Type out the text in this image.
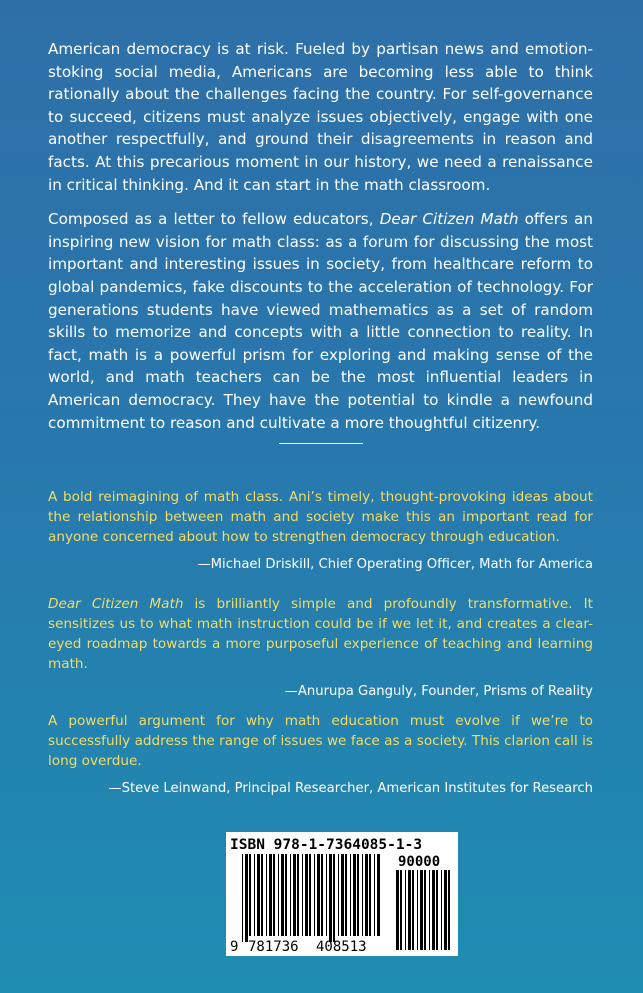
American democracy is at risk. Fueled by partisan news and emotion-stoking social media, Americans are becoming less able to think rationally about the challenges facing the country. For self-governance to succeed, citizens must analyze issues objectively, engage with one another respectfully, and ground their disagreements in reason and facts. At this precarious moment in our history, we need a renaissance in critical thinking. And it can start in the math classroom.

Composed as a letter to fellow educators, Dear Citizen Math offers an inspiring new vision for math class: as a forum for discussing the most important and interesting issues in society, from healthcare reform to global pandemics, fake discounts to the acceleration of technology. For generations students have viewed mathematics as a set of random skills to memorize and concepts with a little connection to reality. In fact, math is a powerful prism for exploring and making sense of the world, and math teachers can be the most influential leaders in American democracy. They have the potential to kindle a newfound commitment to reason and cultivate a more thoughtful citizenry.

A bold reimagining of math class. Ani’s timely, thought-provoking ideas about the relationship between math and society make this an important read for anyone concerned about how to strengthen democracy through education.

—Michael Driskill, Chief Operating Officer, Math for America

Dear Citizen Math is brilliantly simple and profoundly transformative. It sensitizes us to what math instruction could be if we let it, and creates a clear-eyed roadmap towards a more purposeful experience of teaching and learning math.

—Anurupa Ganguly, Founder, Prisms of Reality

A powerful argument for why math education must evolve if we’re to successfully address the range of issues we face as a society. This clarion call is long overdue.

—Steve Leinwand, Principal Researcher, American Institutes for Research

ISBN 978-1-7364085-1-3
90000
9 781736 408513
